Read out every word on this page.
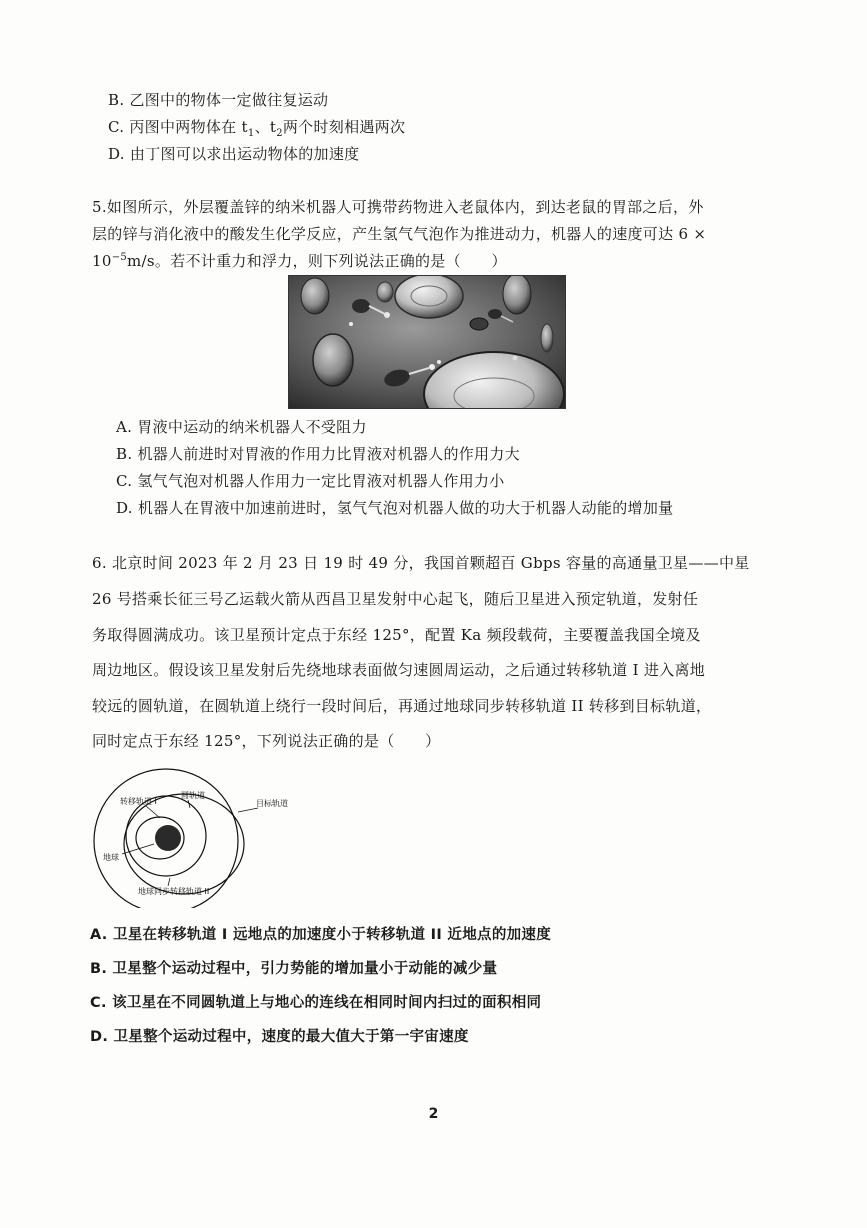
B. 乙图中的物体一定做往复运动
C. 丙图中两物体在 $t_1$、$t_2$两个时刻相遇两次
D. 由丁图可以求出运动物体的加速度
5.如图所示，外层覆盖锌的纳米机器人可携带药物进入老鼠体内，到达老鼠的胃部之后，外
层的锌与消化液中的酸发生化学反应，产生氢气气泡作为推进动力，机器人的速度可达 6 ×
$10^{-5}m/s$。若不计重力和浮力，则下列说法正确的是（　　）
A. 胃液中运动的纳米机器人不受阻力
B. 机器人前进时对胃液的作用力比胃液对机器人的作用力大
C. 氢气气泡对机器人作用力一定比胃液对机器人作用力小
D. 机器人在胃液中加速前进时，氢气气泡对机器人做的功大于机器人动能的增加量
6. 北京时间 2023 年 2 月 23 日 19 时 49 分，我国首颗超百 Gbps 容量的高通量卫星——中星
26 号搭乘长征三号乙运载火箭从西昌卫星发射中心起飞，随后卫星进入预定轨道，发射任
务取得圆满成功。该卫星预计定点于东经 125°，配置 Ka 频段载荷，主要覆盖我国全境及
周边地区。假设该卫星发射后先绕地球表面做匀速圆周运动，之后通过转移轨道 I 进入离地
较远的圆轨道，在圆轨道上绕行一段时间后，再通过地球同步转移轨道 II 转移到目标轨道，
同时定点于东经 125°，下列说法正确的是（　　）
转移轨道 I
圆轨道
目标轨道
地球
地球同步转移轨道 II
A. 卫星在转移轨道 I 远地点的加速度小于转移轨道 II 近地点的加速度
B. 卫星整个运动过程中，引力势能的增加量小于动能的减少量
C. 该卫星在不同圆轨道上与地心的连线在相同时间内扫过的面积相同
D. 卫星整个运动过程中，速度的最大值大于第一宇宙速度
2
